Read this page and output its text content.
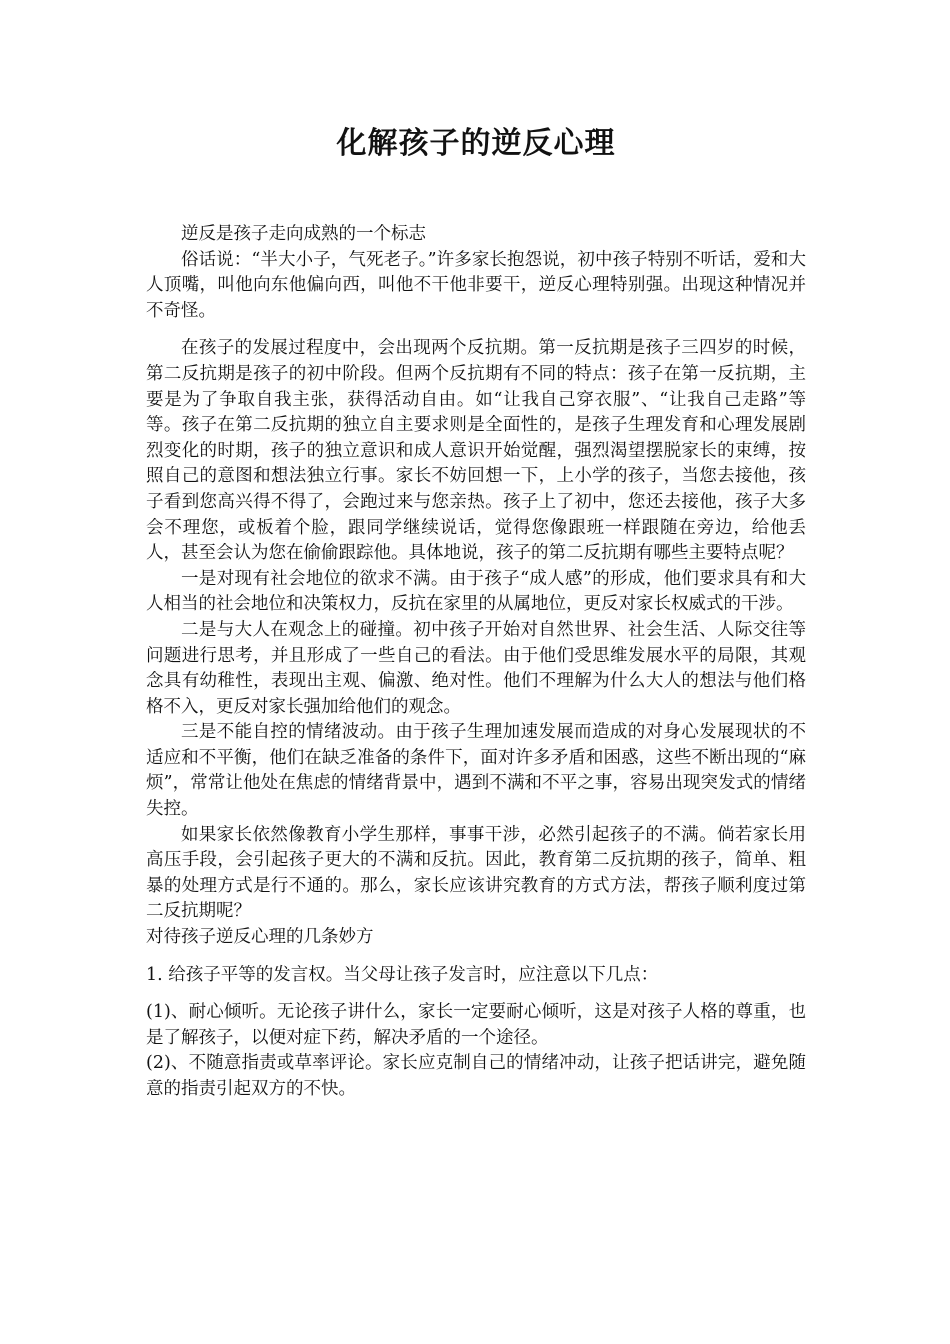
化解孩子的逆反心理

逆反是孩子走向成熟的一个标志

俗话说：“半大小子，气死老子。”许多家长抱怨说，初中孩子特别不听话，爱和大人顶嘴，叫他向东他偏向西，叫他不干他非要干，逆反心理特别强。出现这种情况并不奇怪。

在孩子的发展过程度中，会出现两个反抗期。第一反抗期是孩子三四岁的时候，第二反抗期是孩子的初中阶段。但两个反抗期有不同的特点：孩子在第一反抗期，主要是为了争取自我主张，获得活动自由。如“让我自己穿衣服”、“让我自己走路”等等。孩子在第二反抗期的独立自主要求则是全面性的，是孩子生理发育和心理发展剧烈变化的时期，孩子的独立意识和成人意识开始觉醒，强烈渴望摆脱家长的束缚，按照自己的意图和想法独立行事。家长不妨回想一下，上小学的孩子，当您去接他，孩子看到您高兴得不得了，会跑过来与您亲热。孩子上了初中，您还去接他，孩子大多会不理您，或板着个脸，跟同学继续说话，觉得您像跟班一样跟随在旁边，给他丢人，甚至会认为您在偷偷跟踪他。具体地说，孩子的第二反抗期有哪些主要特点呢？

一是对现有社会地位的欲求不满。由于孩子“成人感”的形成，他们要求具有和大人相当的社会地位和决策权力，反抗在家里的从属地位，更反对家长权威式的干涉。

二是与大人在观念上的碰撞。初中孩子开始对自然世界、社会生活、人际交往等问题进行思考，并且形成了一些自己的看法。由于他们受思维发展水平的局限，其观念具有幼稚性，表现出主观、偏激、绝对性。他们不理解为什么大人的想法与他们格格不入，更反对家长强加给他们的观念。

三是不能自控的情绪波动。由于孩子生理加速发展而造成的对身心发展现状的不适应和不平衡，他们在缺乏准备的条件下，面对许多矛盾和困惑，这些不断出现的“麻烦”，常常让他处在焦虑的情绪背景中，遇到不满和不平之事，容易出现突发式的情绪失控。

如果家长依然像教育小学生那样，事事干涉，必然引起孩子的不满。倘若家长用高压手段，会引起孩子更大的不满和反抗。因此，教育第二反抗期的孩子，简单、粗暴的处理方式是行不通的。那么，家长应该讲究教育的方式方法，帮孩子顺利度过第二反抗期呢？

对待孩子逆反心理的几条妙方

1. 给孩子平等的发言权。当父母让孩子发言时，应注意以下几点：

(1)、耐心倾听。无论孩子讲什么，家长一定要耐心倾听，这是对孩子人格的尊重，也是了解孩子，以便对症下药，解决矛盾的一个途径。

(2)、不随意指责或草率评论。家长应克制自己的情绪冲动，让孩子把话讲完，避免随意的指责引起双方的不快。
